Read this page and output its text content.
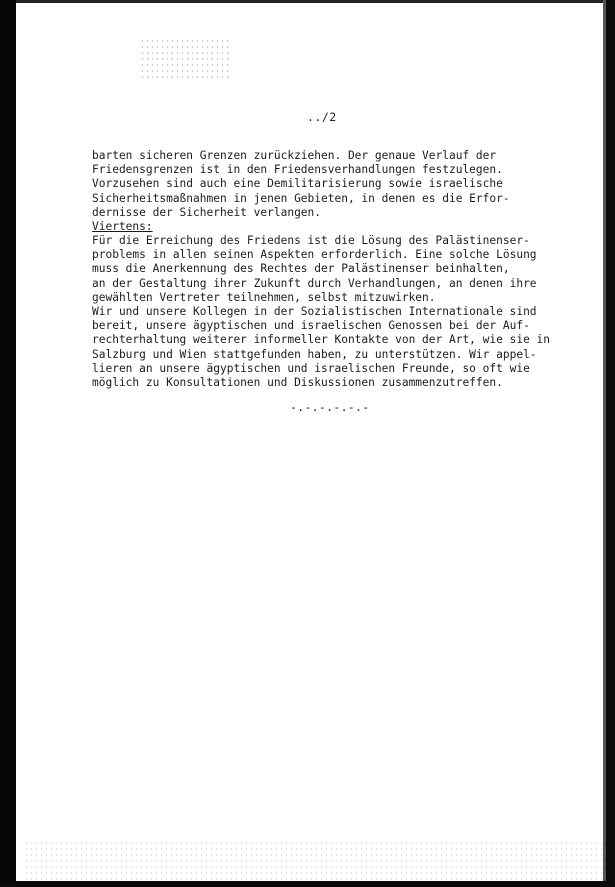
../2
barten sicheren Grenzen zurückziehen. Der genaue Verlauf der
Friedensgrenzen ist in den Friedensverhandlungen festzulegen.
Vorzusehen sind auch eine Demilitarisierung sowie israelische
Sicherheitsmaßnahmen in jenen Gebieten, in denen es die Erfor-
dernisse der Sicherheit verlangen.
Viertens:
Für die Erreichung des Friedens ist die Lösung des Palästinenser-
problems in allen seinen Aspekten erforderlich. Eine solche Lösung
muss die Anerkennung des Rechtes der Palästinenser beinhalten,
an der Gestaltung ihrer Zukunft durch Verhandlungen, an denen ihre
gewählten Vertreter teilnehmen, selbst mitzuwirken.
Wir und unsere Kollegen in der Sozialistischen Internationale sind
bereit, unsere ägyptischen und israelischen Genossen bei der Auf-
rechterhaltung weiterer informeller Kontakte von der Art, wie sie in
Salzburg und Wien stattgefunden haben, zu unterstützen. Wir appel-
lieren an unsere ägyptischen und israelischen Freunde, so oft wie
möglich zu Konsultationen und Diskussionen zusammenzutreffen.
-.-.-.-.-.-
